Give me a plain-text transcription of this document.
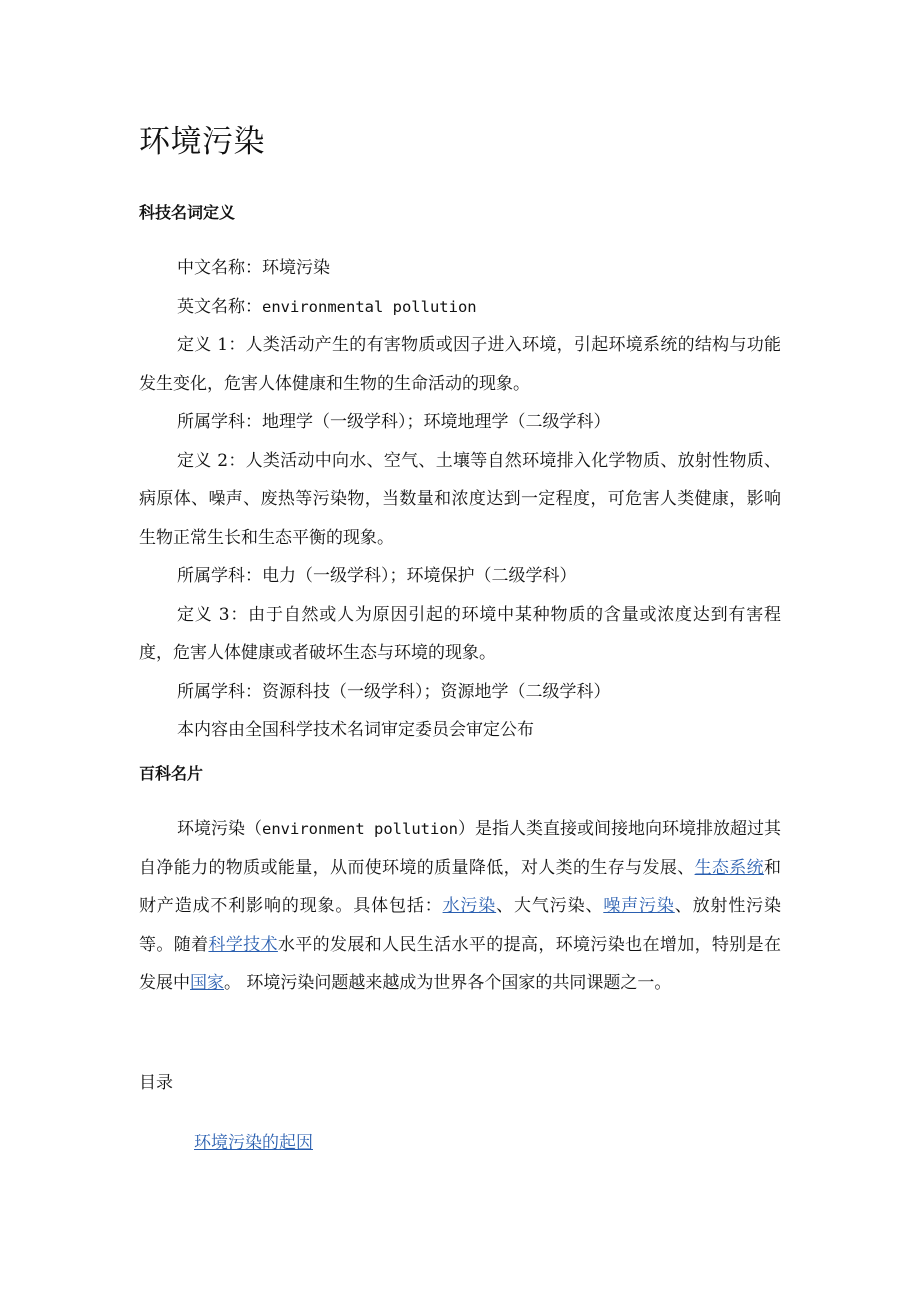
环境污染
科技名词定义
中文名称：环境污染
英文名称：environmental pollution

定义 1：人类活动产生的有害物质或因子进入环境，引起环境系统的结构与功能发生变化，危害人体健康和生物的生命活动的现象。

所属学科：地理学（一级学科）；环境地理学（二级学科）

定义 2：人类活动中向水、空气、土壤等自然环境排入化学物质、放射性物质、病原体、噪声、废热等污染物，当数量和浓度达到一定程度，可危害人类健康，影响生物正常生长和生态平衡的现象。

所属学科：电力（一级学科）；环境保护（二级学科）

定义 3：由于自然或人为原因引起的环境中某种物质的含量或浓度达到有害程度，危害人体健康或者破坏生态与环境的现象。

所属学科：资源科技（一级学科）；资源地学（二级学科）

本内容由全国科学技术名词审定委员会审定公布

百科名片

环境污染（environment pollution）是指人类直接或间接地向环境排放超过其自净能力的物质或能量，从而使环境的质量降低，对人类的生存与发展、生态系统和财产造成不利影响的现象。具体包括：水污染、大气污染、噪声污染、放射性污染等。随着科学技术水平的发展和人民生活水平的提高，环境污染也在增加，特别是在发展中国家。 环境污染问题越来越成为世界各个国家的共同课题之一。

目录
环境污染的起因
